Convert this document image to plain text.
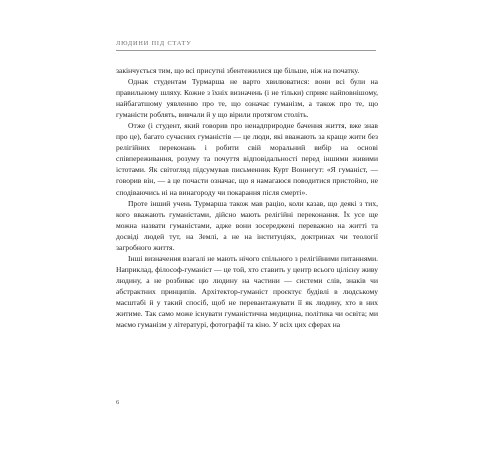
ЛЮДИНИ ПІД СТАТУ

закінчується тим, що всі присутні збентежилися ще більше, ніж на початку.

Однак студентам Турмарша не варто хвилюватися: вони всі були на правильному шляху. Кожне з їхніх визначень (і не тільки) сприяє найповнішому, найбагатшому уявленню про те, що означає гуманізм, а також про те, що гуманісти роблять, вивчали й у що вірили протягом століть.

Отже (і студент, який говорив про ненадприродне бачення життя, вже знав про це), багато сучасних гуманістів — це люди, які вважають за краще жити без релігійних переконань і робити свій моральний вибір на основі співпереживання, розуму та почуття відповідальності перед іншими живими істотами. Як світогляд підсумував письменник Курт Воннегут: «Я гуманіст, — говорив він, — а це почасти означає, що я намагаюся поводитися пристойно, не сподіваючись ні на винагороду чи покарання після смерті».

Проте інший учень Турмарша також мав рацію, коли казав, що деякі з тих, кого вважають гуманістами, дійсно мають релігійні переконання. Їх усе ще можна назвати гуманістами, адже вони зосереджені переважно на житті та досвіді людей тут, на Землі, а не на інституціях, доктринах чи теології загробного життя.

Інші визначення взагалі не мають нічого спільного з релігійними питаннями. Наприклад, філософ-гуманіст — це той, хто ставить у центр всього цілісну живу людину, а не розбиває цю людину на частини — системи слів, знаків чи абстрактних принципів. Архітектор-гуманіст проєктує будівлі в людському масштабі й у такий спосіб, щоб не перевантажувати її як людину, хто в них житиме. Так само може існувати гуманістична медицина, політика чи освіта; ми маємо гуманізм у літературі, фотографії та кіно. У всіх цих сферах на

6
